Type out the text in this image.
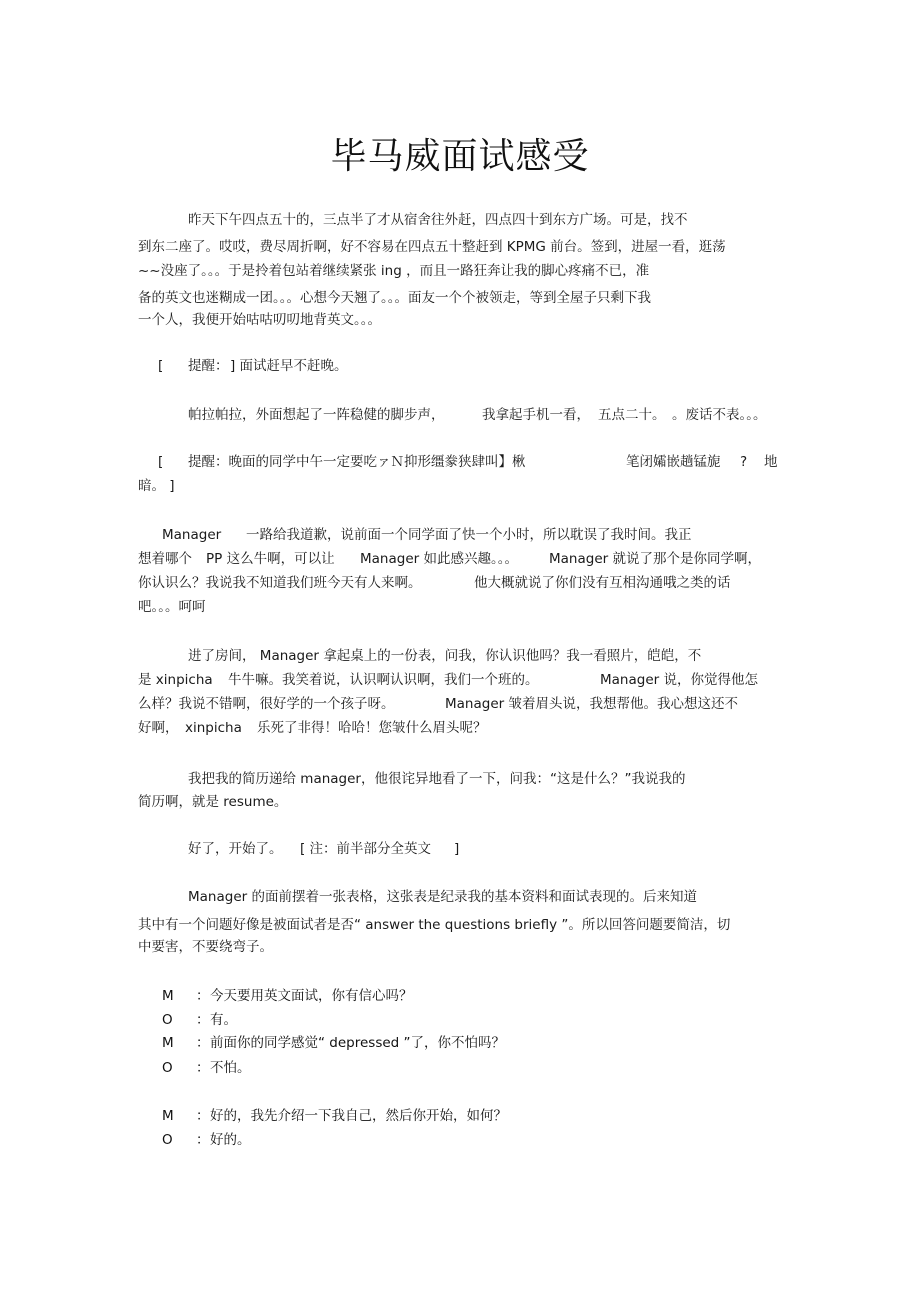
毕马威面试感受
昨天下午四点五十的，三点半了才从宿舍往外赶，四点四十到东方广场。可是，找不
到东二座了。哎哎，费尽周折啊，好不容易在四点五十整赶到 KPMG 前台。签到，进屋一看，逛荡
~~没座了。。。于是拎着包站着继续紧张 ing ，而且一路狂奔让我的脚心疼痛不已，准
备的英文也迷糊成一团。。。心想今天翘了。。。面友一个个被领走，等到全屋子只剩下我
一个人，我便开始咕咕叨叨地背英文。。。
[ 提醒： ] 面试赶早不赶晚。
帕拉帕拉，外面想起了一阵稳健的脚步声，	我拿起手机一看， 五点二十。 。废话不表。。。
[ 提醒：晚面的同学中午一定要吃ァＮ抑形缰豢狭肆叫】楸	笔闭孀嵌趟锰旎 ? 地
暗。 ]
Manager 一路给我道歉，说前面一个同学面了快一个小时，所以耽误了我时间。我正
想着哪个 PP 这么牛啊，可以让 Manager 如此感兴趣。。。 Manager 就说了那个是你同学啊，
你认识么？我说我不知道我们班今天有人来啊。	他大概就说了你们没有互相沟通哦之类的话
吧。。。呵呵
进了房间， Manager 拿起桌上的一份表，问我，你认识他吗？我一看照片，皑皑，不
是 xinpicha 牛牛嘛。我笑着说，认识啊认识啊，我们一个班的。	Manager 说，你觉得他怎
么样？我说不错啊，很好学的一个孩子呀。	Manager 皱着眉头说，我想帮他。我心想这还不
好啊， xinpicha 乐死了非得！哈哈！您皱什么眉头呢？
我把我的简历递给 manager，他很诧异地看了一下，问我：“这是什么？”我说我的
简历啊，就是 resume。
好了，开始了。 [ 注：前半部分全英文 ]
Manager 的面前摆着一张表格，这张表是纪录我的基本资料和面试表现的。后来知道
其中有一个问题好像是被面试者是否“ answer the questions briefly ”。所以回答问题要简洁，切
中要害，不要绕弯子。
M ： 今天要用英文面试，你有信心吗？
O ： 有。
M ： 前面你的同学感觉“ depressed ”了，你不怕吗？
O ： 不怕。
M ： 好的，我先介绍一下我自己，然后你开始，如何？
O ： 好的。
